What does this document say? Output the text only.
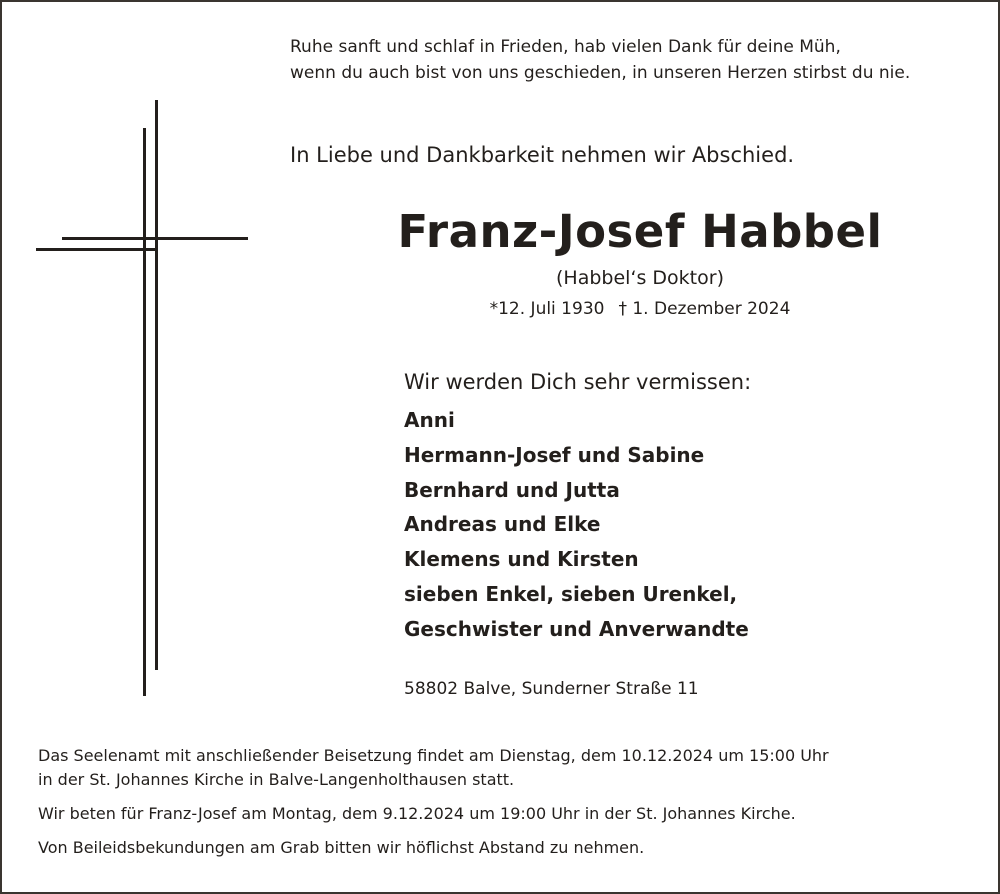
Ruhe sanft und schlaf in Frieden, hab vielen Dank für deine Müh,
wenn du auch bist von uns geschieden, in unseren Herzen stirbst du nie.
In Liebe und Dankbarkeit nehmen wir Abschied.
Franz-Josef Habbel
(Habbel‘s Doktor)
*12. Juli 1930 † 1. Dezember 2024
Wir werden Dich sehr vermissen:
Anni
Hermann-Josef und Sabine
Bernhard und Jutta
Andreas und Elke
Klemens und Kirsten
sieben Enkel, sieben Urenkel,
Geschwister und Anverwandte
58802 Balve, Sunderner Straße 11

Das Seelenamt mit anschließender Beisetzung findet am Dienstag, dem 10.12.2024 um 15:00 Uhr

in der St. Johannes Kirche in Balve-Langenholthausen statt.

Wir beten für Franz-Josef am Montag, dem 9.12.2024 um 19:00 Uhr in der St. Johannes Kirche.

Von Beileidsbekundungen am Grab bitten wir höflichst Abstand zu nehmen.
